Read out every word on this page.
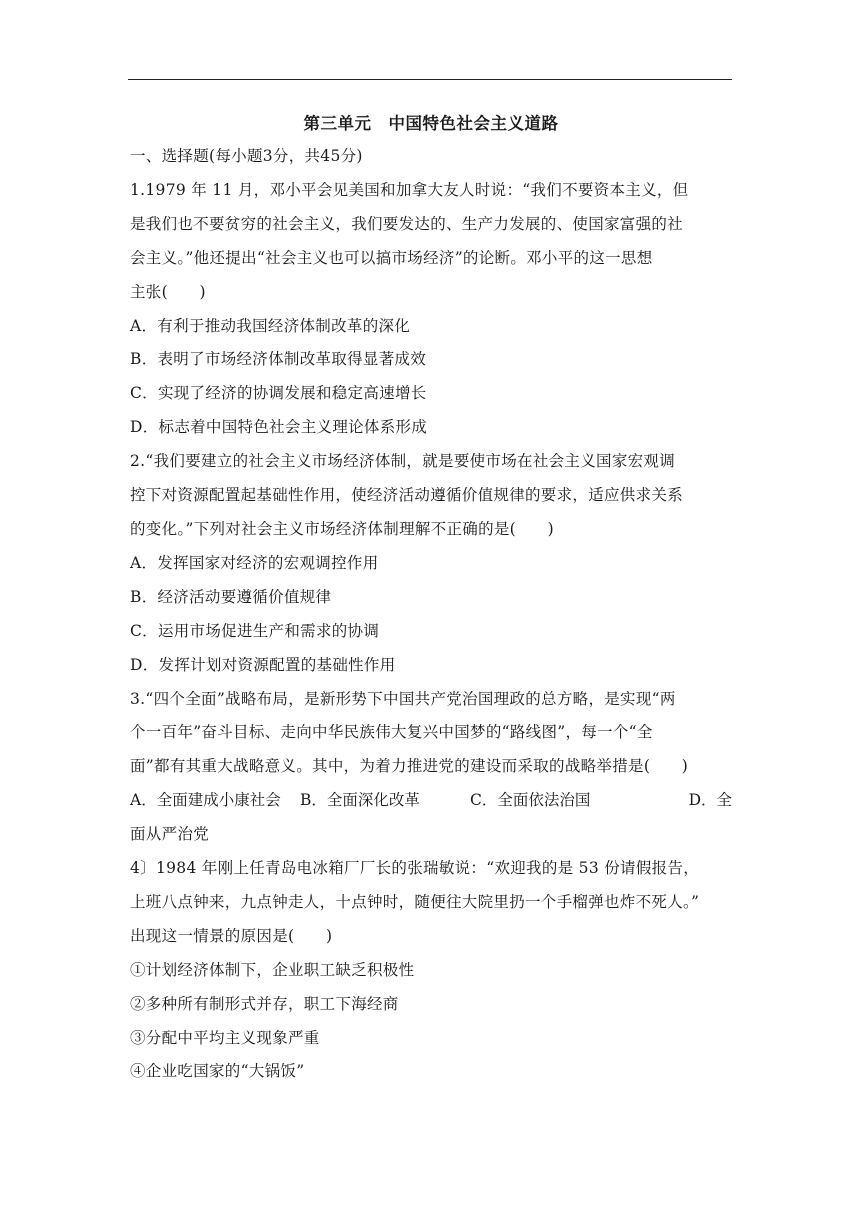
第三单元　中国特色社会主义道路
一、选择题(每小题3分，共45分)
1.1979 年 11 月，邓小平会见美国和加拿大友人时说：“我们不要资本主义，但
是我们也不要贫穷的社会主义，我们要发达的、生产力发展的、使国家富强的社
会主义。”他还提出“社会主义也可以搞市场经济”的论断。邓小平的这一思想
主张(　　)
A．有利于推动我国经济体制改革的深化
B．表明了市场经济体制改革取得显著成效
C．实现了经济的协调发展和稳定高速增长
D．标志着中国特色社会主义理论体系形成
2.“我们要建立的社会主义市场经济体制，就是要使市场在社会主义国家宏观调
控下对资源配置起基础性作用，使经济活动遵循价值规律的要求，适应供求关系
的变化。”下列对社会主义市场经济体制理解不正确的是(　　)
A．发挥国家对经济的宏观调控作用
B．经济活动要遵循价值规律
C．运用市场促进生产和需求的协调
D．发挥计划对资源配置的基础性作用
3.“四个全面”战略布局，是新形势下中国共产党治国理政的总方略，是实现“两
个一百年”奋斗目标、走向中华民族伟大复兴中国梦的“路线图”，每一个“全
面”都有其重大战略意义。其中，为着力推进党的建设而采取的战略举措是(　　)
A．全面建成小康社会	B．全面深化改革	C．全面依法治国	D．全
面从严治党
4〕1984 年刚上任青岛电冰箱厂厂长的张瑞敏说：“欢迎我的是 53 份请假报告，
上班八点钟来，九点钟走人，十点钟时，随便往大院里扔一个手榴弹也炸不死人。”
出现这一情景的原因是(　　)
①计划经济体制下，企业职工缺乏积极性
②多种所有制形式并存，职工下海经商
③分配中平均主义现象严重
④企业吃国家的“大锅饭”
